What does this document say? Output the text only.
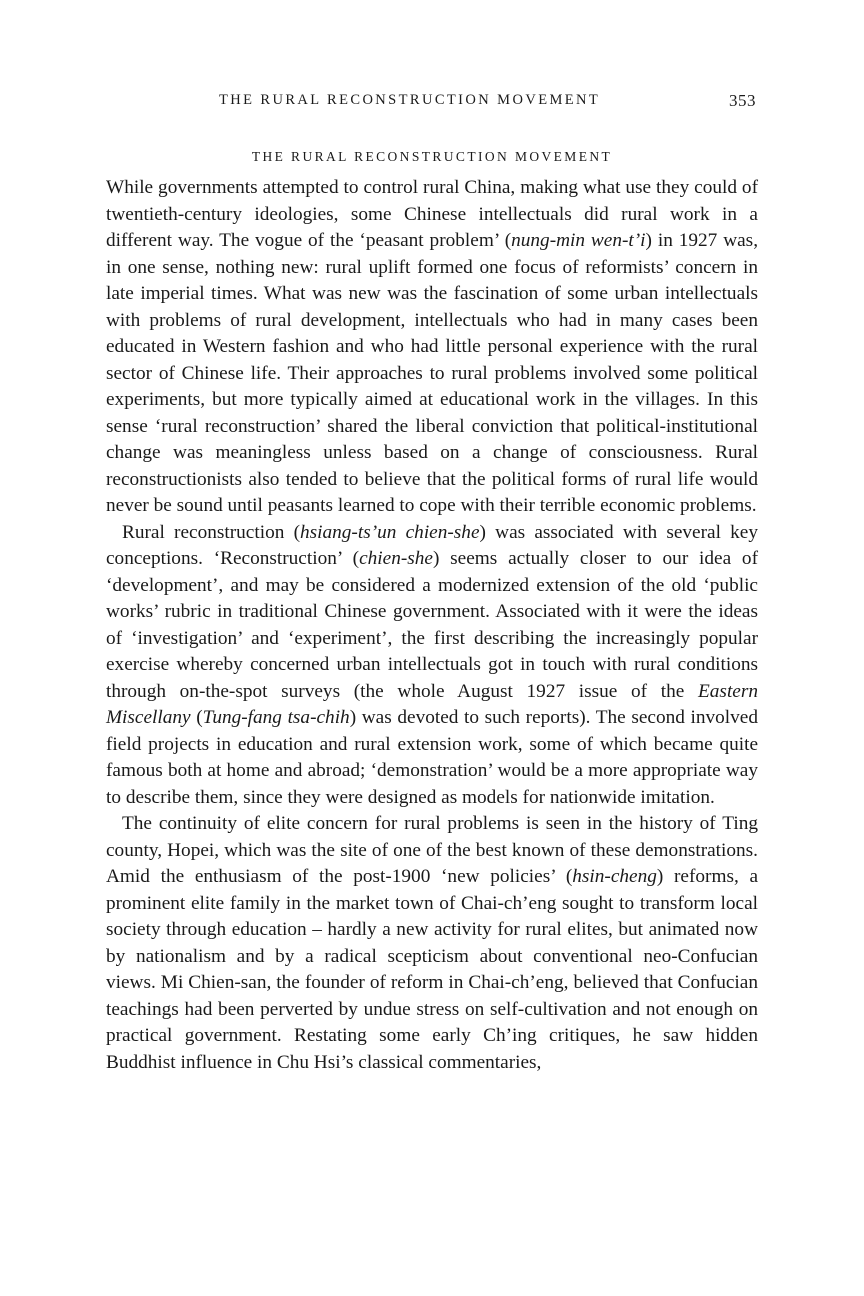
THE RURAL RECONSTRUCTION MOVEMENT	353
THE RURAL RECONSTRUCTION MOVEMENT

While governments attempted to control rural China, making what use they could of twentieth-century ideologies, some Chinese intellectuals did rural work in a different way. The vogue of the ‘peasant problem’ (nung-min wen-t’i) in 1927 was, in one sense, nothing new: rural uplift formed one focus of reformists’ concern in late imperial times. What was new was the fascination of some urban intellectuals with problems of rural development, intellectuals who had in many cases been educated in Western fashion and who had little personal experience with the rural sector of Chinese life. Their approaches to rural problems involved some political experiments, but more typically aimed at educational work in the villages. In this sense ‘rural reconstruction’ shared the liberal conviction that political-institutional change was meaningless unless based on a change of consciousness. Rural reconstructionists also tended to believe that the political forms of rural life would never be sound until peasants learned to cope with their terrible economic problems.

Rural reconstruction (hsiang-ts’un chien-she) was associated with several key conceptions. ‘Reconstruction’ (chien-she) seems actually closer to our idea of ‘development’, and may be considered a modernized extension of the old ‘public works’ rubric in traditional Chinese government. Associated with it were the ideas of ‘investigation’ and ‘experiment’, the first describing the increasingly popular exercise whereby concerned urban intellectuals got in touch with rural conditions through on-the-spot surveys (the whole August 1927 issue of the Eastern Miscellany (Tung-fang tsa-chih) was devoted to such reports). The second involved field projects in education and rural extension work, some of which became quite famous both at home and abroad; ‘demonstration’ would be a more appropriate way to describe them, since they were designed as models for nationwide imitation.

The continuity of elite concern for rural problems is seen in the history of Ting county, Hopei, which was the site of one of the best known of these demonstrations. Amid the enthusiasm of the post-1900 ‘new policies’ (hsin-cheng) reforms, a prominent elite family in the market town of Chai-ch’eng sought to transform local society through education – hardly a new activity for rural elites, but animated now by nationalism and by a radical scepticism about conventional neo-Confucian views. Mi Chien-san, the founder of reform in Chai-ch’eng, believed that Confucian teachings had been perverted by undue stress on self-cultivation and not enough on practical government. Restating some early Ch’ing critiques, he saw hidden Buddhist influence in Chu Hsi’s classical commentaries,
